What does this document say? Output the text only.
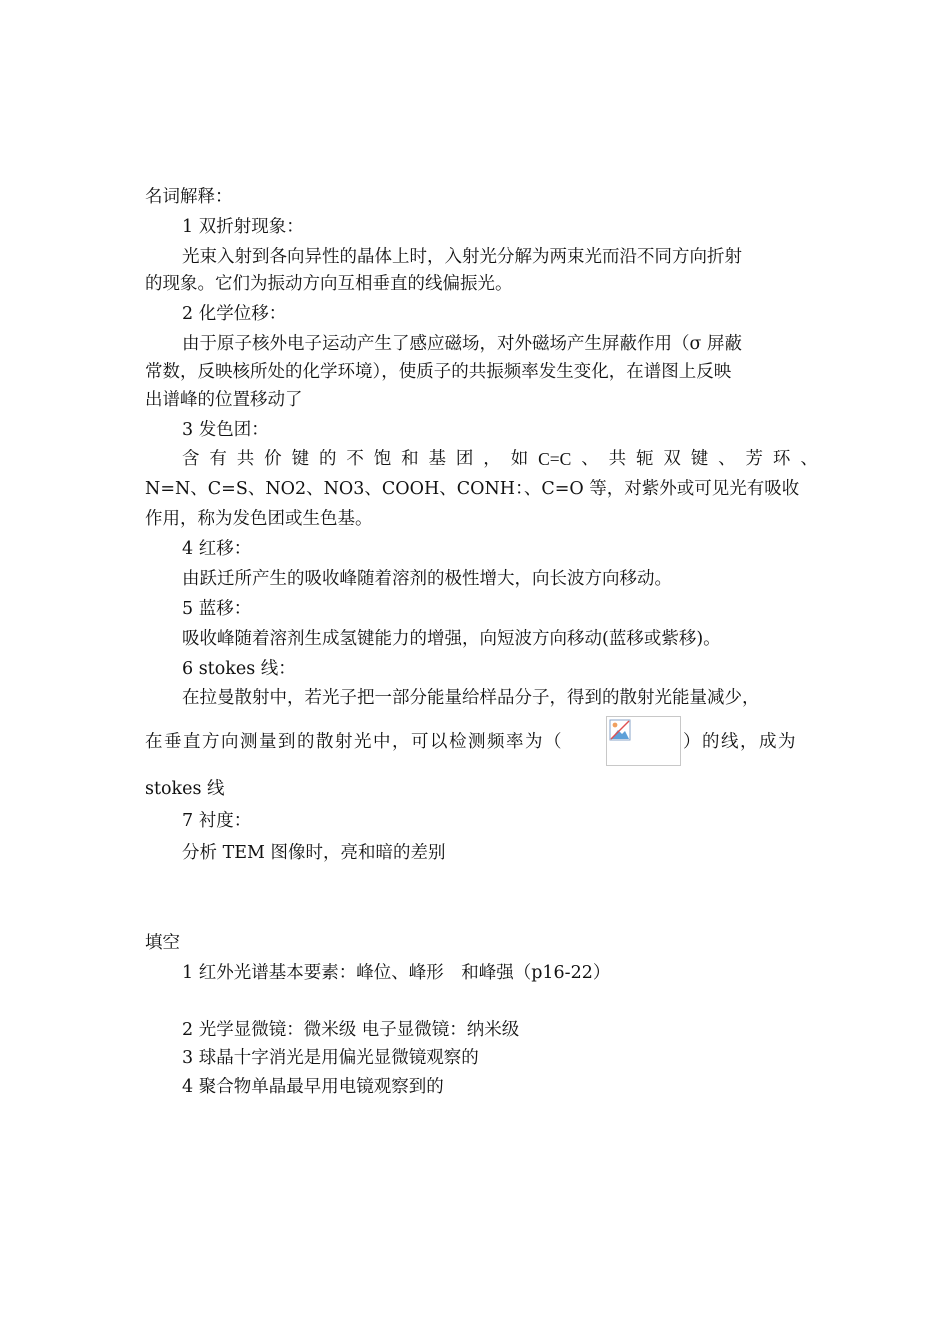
名词解释：
1 双折射现象：
光束入射到各向异性的晶体上时，入射光分解为两束光而沿不同方向折射
的现象。它们为振动方向互相垂直的线偏振光。
2 化学位移：
由于原子核外电子运动产生了感应磁场，对外磁场产生屏蔽作用（σ 屏蔽
常数，反映核所处的化学环境），使质子的共振频率发生变化，在谱图上反映
出谱峰的位置移动了
3 发色团：
含 有 共 价 键 的 不 饱 和 基 团 ， 如 C=C 、 共 轭 双 键 、 芳 环 、
N=N、C=S、NO2、NO3、COOH、CONH：、C=O 等，对紫外或可见光有吸收
作用，称为发色团或生色基。
4 红移：
由跃迁所产生的吸收峰随着溶剂的极性增大，向长波方向移动。
5 蓝移：
吸收峰随着溶剂生成氢键能力的增强，向短波方向移动(蓝移或紫移)。
6 stokes 线：
在拉曼散射中，若光子把一部分能量给样品分子，得到的散射光能量减少，
在垂直方向测量到的散射光中，可以检测频率为（	）的线，成为
stokes 线
7 衬度：
分析 TEM 图像时，亮和暗的差别
填空
1 红外光谱基本要素：峰位、峰形　和峰强（p16-22）
2 光学显微镜：微米级 电子显微镜：纳米级
3 球晶十字消光是用偏光显微镜观察的
4 聚合物单晶最早用电镜观察到的
